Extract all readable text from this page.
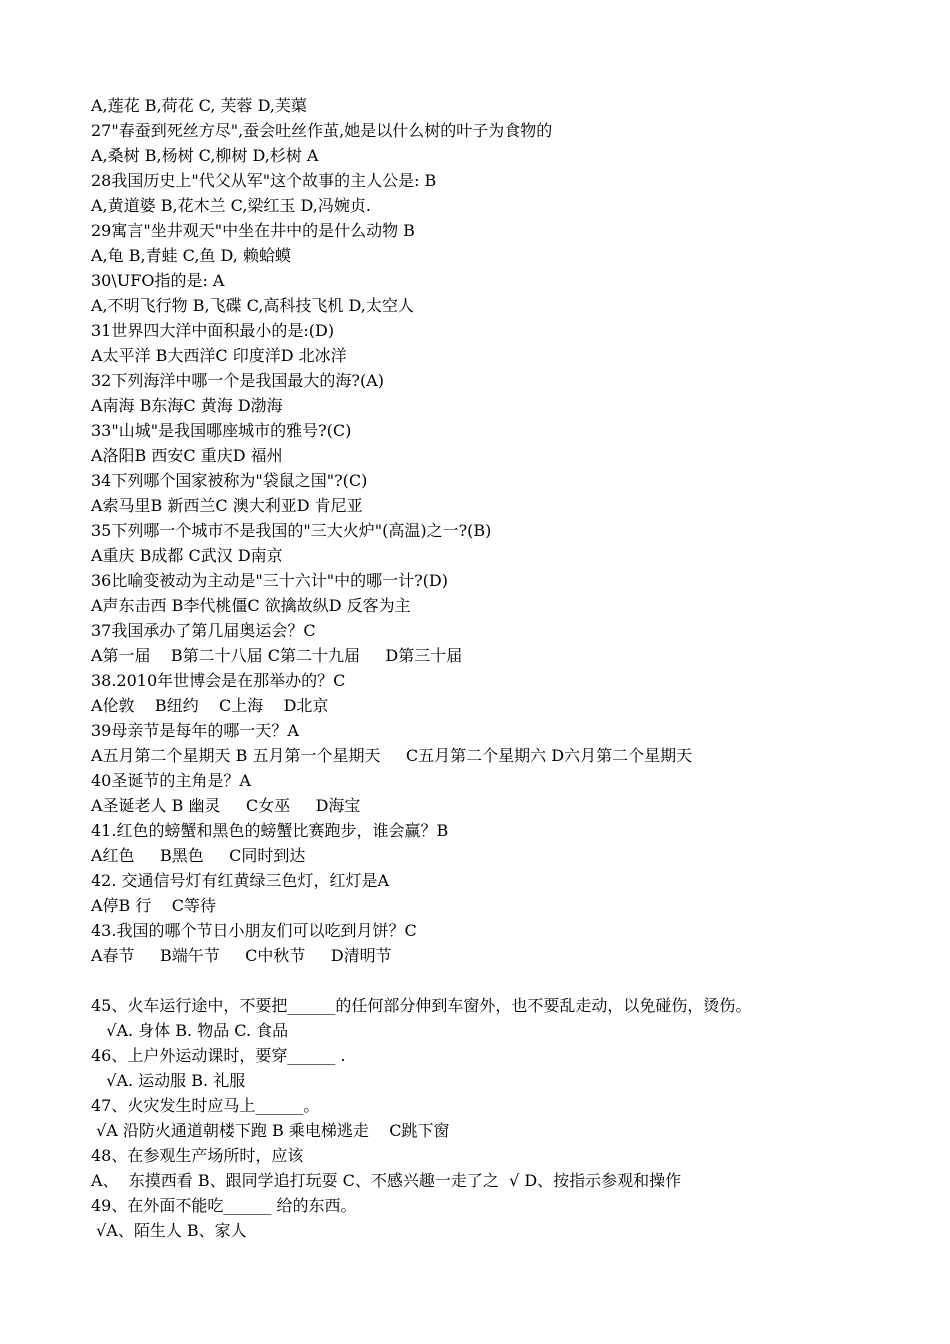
A,莲花 B,荷花 C, 芙蓉 D,芙蕖
27"春蚕到死丝方尽",蚕会吐丝作茧,她是以什么树的叶子为食物的
A,桑树 B,杨树 C,柳树 D,杉树 A
28我国历史上"代父从军"这个故事的主人公是: B
A,黄道婆 B,花木兰 C,梁红玉 D,冯婉贞.
29寓言"坐井观天"中坐在井中的是什么动物 B
A,龟 B,青蛙 C,鱼 D, 赖蛤蟆
30\UFO指的是: A
A,不明飞行物 B,飞碟 C,高科技飞机 D,太空人
31世界四大洋中面积最小的是:(D)
A太平洋 B大西洋C 印度洋D 北冰洋
32下列海洋中哪一个是我国最大的海?(A)
A南海 B东海C 黄海 D渤海
33"山城"是我国哪座城市的雅号?(C)
A洛阳B 西安C 重庆D 福州
34下列哪个国家被称为"袋鼠之国"?(C)
A索马里B 新西兰C 澳大利亚D 肯尼亚
35下列哪一个城市不是我国的"三大火炉"(高温)之一?(B)
A重庆 B成都 C武汉 D南京
36比喻变被动为主动是"三十六计"中的哪一计?(D)
A声东击西 B李代桃僵C 欲擒故纵D 反客为主
37我国承办了第几届奥运会？C
A第一届    B第二十八届 C第二十九届     D第三十届
38.2010年世博会是在那举办的？C
A伦敦    B纽约    C上海    D北京
39母亲节是每年的哪一天？A
A五月第二个星期天 B 五月第一个星期天     C五月第二个星期六 D六月第二个星期天
40圣诞节的主角是？A
A圣诞老人 B 幽灵     C女巫     D海宝
41.红色的螃蟹和黑色的螃蟹比赛跑步，谁会赢？B
A红色     B黑色     C同时到达
42. 交通信号灯有红黄绿三色灯，红灯是A
A停B 行    C等待
43.我国的哪个节日小朋友们可以吃到月饼？C
A春节     B端午节     C中秋节     D清明节
45、火车运行途中，不要把______的任何部分伸到车窗外，也不要乱走动，以免碰伤，烫伤。
√A. 身体 B. 物品 C. 食品
46、上户外运动课时，要穿______ .
√A. 运动服 B. 礼服
47、火灾发生时应马上______。
√A 沿防火通道朝楼下跑 B 乘电梯逃走    C跳下窗
48、在参观生产场所时，应该
A、  东摸西看 B、跟同学追打玩耍 C、不感兴趣一走了之  √ D、按指示参观和操作
49、在外面不能吃______ 给的东西。
√A、陌生人 B、家人
